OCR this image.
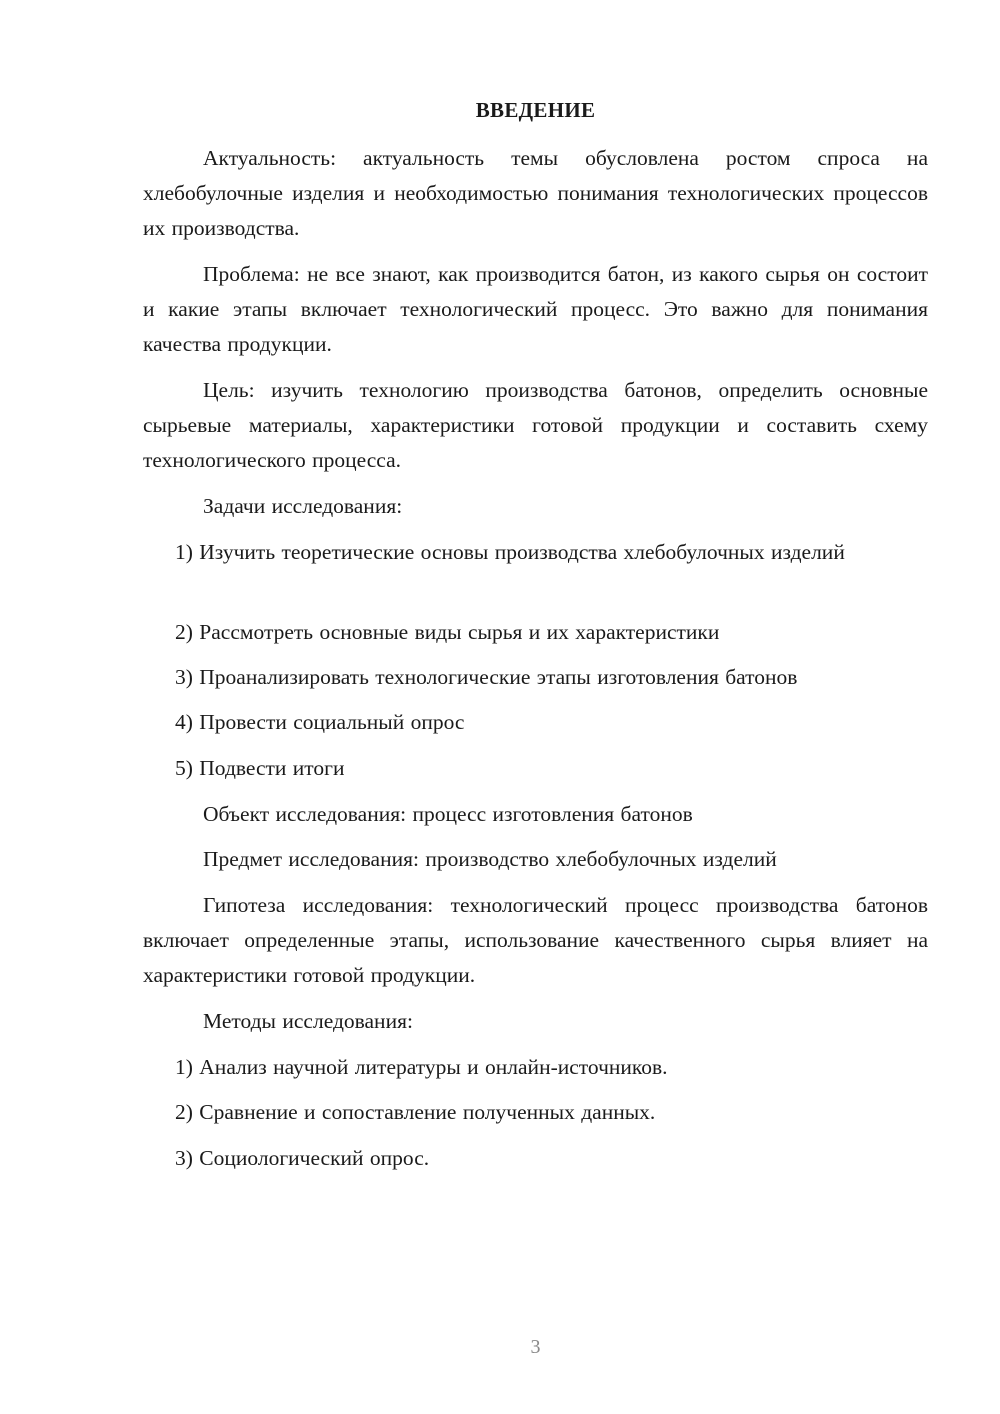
ВВЕДЕНИЕ

Актуальность: актуальность темы обусловлена ростом спроса на хлебобулочные изделия и необходимостью понимания технологических процессов их производства.

Проблема: не все знают, как производится батон, из какого сырья он состоит и какие этапы включает технологический процесс. Это важно для понимания качества продукции.

Цель: изучить технологию производства батонов, определить основные сырьевые материалы, характеристики готовой продукции и составить схему технологического процесса.

Задачи исследования:

1) Изучить теоретические основы производства хлебобулочных изделий

2) Рассмотреть основные виды сырья и их характеристики

3) Проанализировать технологические этапы изготовления батонов

4) Провести социальный опрос

5) Подвести итоги

Объект исследования: процесс изготовления батонов

Предмет исследования: производство хлебобулочных изделий

Гипотеза исследования: технологический процесс производства батонов включает определенные этапы, использование качественного сырья влияет на характеристики готовой продукции.

Методы исследования:

1) Анализ научной литературы и онлайн-источников.

2) Сравнение и сопоставление полученных данных.

3) Социологический опрос.

3
